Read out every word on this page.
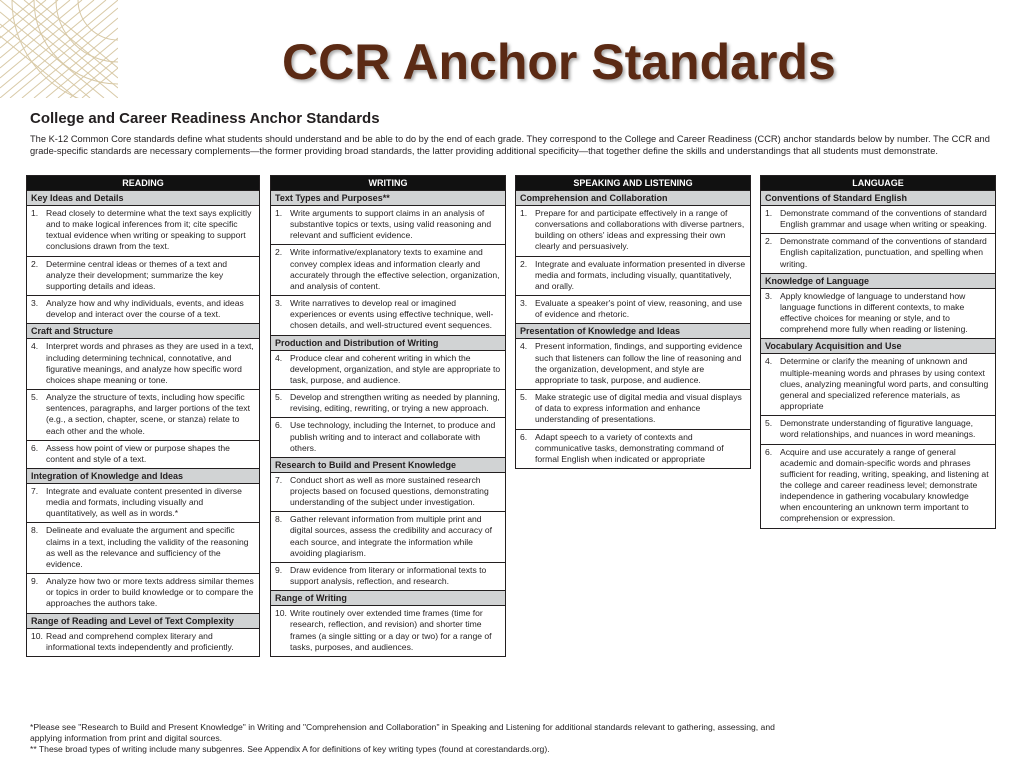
CCR Anchor Standards
College and Career Readiness Anchor Standards

The K-12 Common Core standards define what students should understand and be able to do by the end of each grade. They correspond to the College and Career Readiness (CCR) anchor standards below by number. The CCR and grade-specific standards are necessary complements—the former providing broad standards, the latter providing additional specificity—that together define the skills and understandings that all students must demonstrate.

READING
Key Ideas and Details
1. Read closely to determine what the text says explicitly and to make logical inferences from it; cite specific textual evidence when writing or speaking to support conclusions drawn from the text.
2. Determine central ideas or themes of a text and analyze their development; summarize the key supporting details and ideas.
3. Analyze how and why individuals, events, and ideas develop and interact over the course of a text.
Craft and Structure
4. Interpret words and phrases as they are used in a text, including determining technical, connotative, and figurative meanings, and analyze how specific word choices shape meaning or tone.
5. Analyze the structure of texts, including how specific sentences, paragraphs, and larger portions of the text (e.g., a section, chapter, scene, or stanza) relate to each other and the whole.
6. Assess how point of view or purpose shapes the content and style of a text.
Integration of Knowledge and Ideas
7. Integrate and evaluate content presented in diverse media and formats, including visually and quantitatively, as well as in words.*
8. Delineate and evaluate the argument and specific claims in a text, including the validity of the reasoning as well as the relevance and sufficiency of the evidence.
9. Analyze how two or more texts address similar themes or topics in order to build knowledge or to compare the approaches the authors take.
Range of Reading and Level of Text Complexity
10. Read and comprehend complex literary and informational texts independently and proficiently.
WRITING
Text Types and Purposes**
1. Write arguments to support claims in an analysis of substantive topics or texts, using valid reasoning and relevant and sufficient evidence.
2. Write informative/explanatory texts to examine and convey complex ideas and information clearly and accurately through the effective selection, organization, and analysis of content.
3. Write narratives to develop real or imagined experiences or events using effective technique, well-chosen details, and well-structured event sequences.
Production and Distribution of Writing
4. Produce clear and coherent writing in which the development, organization, and style are appropriate to task, purpose, and audience.
5. Develop and strengthen writing as needed by planning, revising, editing, rewriting, or trying a new approach.
6. Use technology, including the Internet, to produce and publish writing and to interact and collaborate with others.
Research to Build and Present Knowledge
7. Conduct short as well as more sustained research projects based on focused questions, demonstrating understanding of the subject under investigation.
8. Gather relevant information from multiple print and digital sources, assess the credibility and accuracy of each source, and integrate the information while avoiding plagiarism.
9. Draw evidence from literary or informational texts to support analysis, reflection, and research.
Range of Writing
10. Write routinely over extended time frames (time for research, reflection, and revision) and shorter time frames (a single sitting or a day or two) for a range of tasks, purposes, and audiences.
SPEAKING AND LISTENING
Comprehension and Collaboration
1. Prepare for and participate effectively in a range of conversations and collaborations with diverse partners, building on others' ideas and expressing their own clearly and persuasively.
2. Integrate and evaluate information presented in diverse media and formats, including visually, quantitatively, and orally.
3. Evaluate a speaker's point of view, reasoning, and use of evidence and rhetoric.
Presentation of Knowledge and Ideas
4. Present information, findings, and supporting evidence such that listeners can follow the line of reasoning and the organization, development, and style are appropriate to task, purpose, and audience.
5. Make strategic use of digital media and visual displays of data to express information and enhance understanding of presentations.
6. Adapt speech to a variety of contexts and communicative tasks, demonstrating command of formal English when indicated or appropriate
LANGUAGE
Conventions of Standard English
1. Demonstrate command of the conventions of standard English grammar and usage when writing or speaking.
2. Demonstrate command of the conventions of standard English capitalization, punctuation, and spelling when writing.
Knowledge of Language
3. Apply knowledge of language to understand how language functions in different contexts, to make effective choices for meaning or style, and to comprehend more fully when reading or listening.
Vocabulary Acquisition and Use
4. Determine or clarify the meaning of unknown and multiple-meaning words and phrases by using context clues, analyzing meaningful word parts, and consulting general and specialized reference materials, as appropriate
5. Demonstrate understanding of figurative language, word relationships, and nuances in word meanings.
6. Acquire and use accurately a range of general academic and domain-specific words and phrases sufficient for reading, writing, speaking, and listening at the college and career readiness level; demonstrate independence in gathering vocabulary knowledge when encountering an unknown term important to comprehension or expression.

*Please see "Research to Build and Present Knowledge" in Writing and "Comprehension and Collaboration" in Speaking and Listening for additional standards relevant to gathering, assessing, and applying information from print and digital sources.

** These broad types of writing include many subgenres. See Appendix A for definitions of key writing types (found at corestandards.org).
